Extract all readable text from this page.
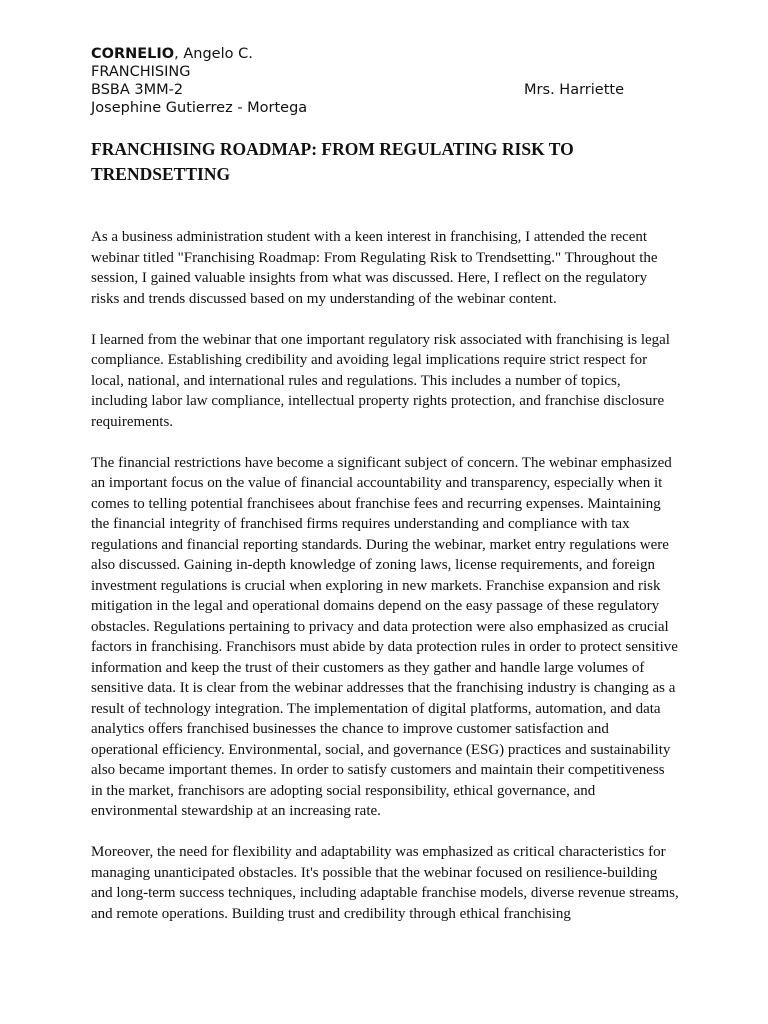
CORNELIO , Angelo C.
FRANCHISING
BSBA 3MM-2	Mrs. Harriette
Josephine Gutierrez - Mortega
FRANCHISING ROADMAP: FROM REGULATING RISK TO TRENDSETTING

As a business administration student with a keen interest in franchising, I attended the recent webinar titled "Franchising Roadmap: From Regulating Risk to Trendsetting." Throughout the session, I gained valuable insights from what was discussed. Here, I reflect on the regulatory risks and trends discussed based on my understanding of the webinar content.

I learned from the webinar that one important regulatory risk associated with franchising is legal compliance. Establishing credibility and avoiding legal implications require strict respect for local, national, and international rules and regulations. This includes a number of topics, including labor law compliance, intellectual property rights protection, and franchise disclosure requirements.

The financial restrictions have become a significant subject of concern. The webinar emphasized an important focus on the value of financial accountability and transparency, especially when it comes to telling potential franchisees about franchise fees and recurring expenses. Maintaining the financial integrity of franchised firms requires understanding and compliance with tax regulations and financial reporting standards. During the webinar, market entry regulations were also discussed. Gaining in-depth knowledge of zoning laws, license requirements, and foreign investment regulations is crucial when exploring in new markets. Franchise expansion and risk mitigation in the legal and operational domains depend on the easy passage of these regulatory obstacles. Regulations pertaining to privacy and data protection were also emphasized as crucial factors in franchising. Franchisors must abide by data protection rules in order to protect sensitive information and keep the trust of their customers as they gather and handle large volumes of sensitive data. It is clear from the webinar addresses that the franchising industry is changing as a result of technology integration. The implementation of digital platforms, automation, and data analytics offers franchised businesses the chance to improve customer satisfaction and operational efficiency. Environmental, social, and governance (ESG) practices and sustainability also became important themes. In order to satisfy customers and maintain their competitiveness in the market, franchisors are adopting social responsibility, ethical governance, and environmental stewardship at an increasing rate.

Moreover, the need for flexibility and adaptability was emphasized as critical characteristics for managing unanticipated obstacles. It's possible that the webinar focused on resilience-building and long-term success techniques, including adaptable franchise models, diverse revenue streams, and remote operations. Building trust and credibility through ethical franchising
